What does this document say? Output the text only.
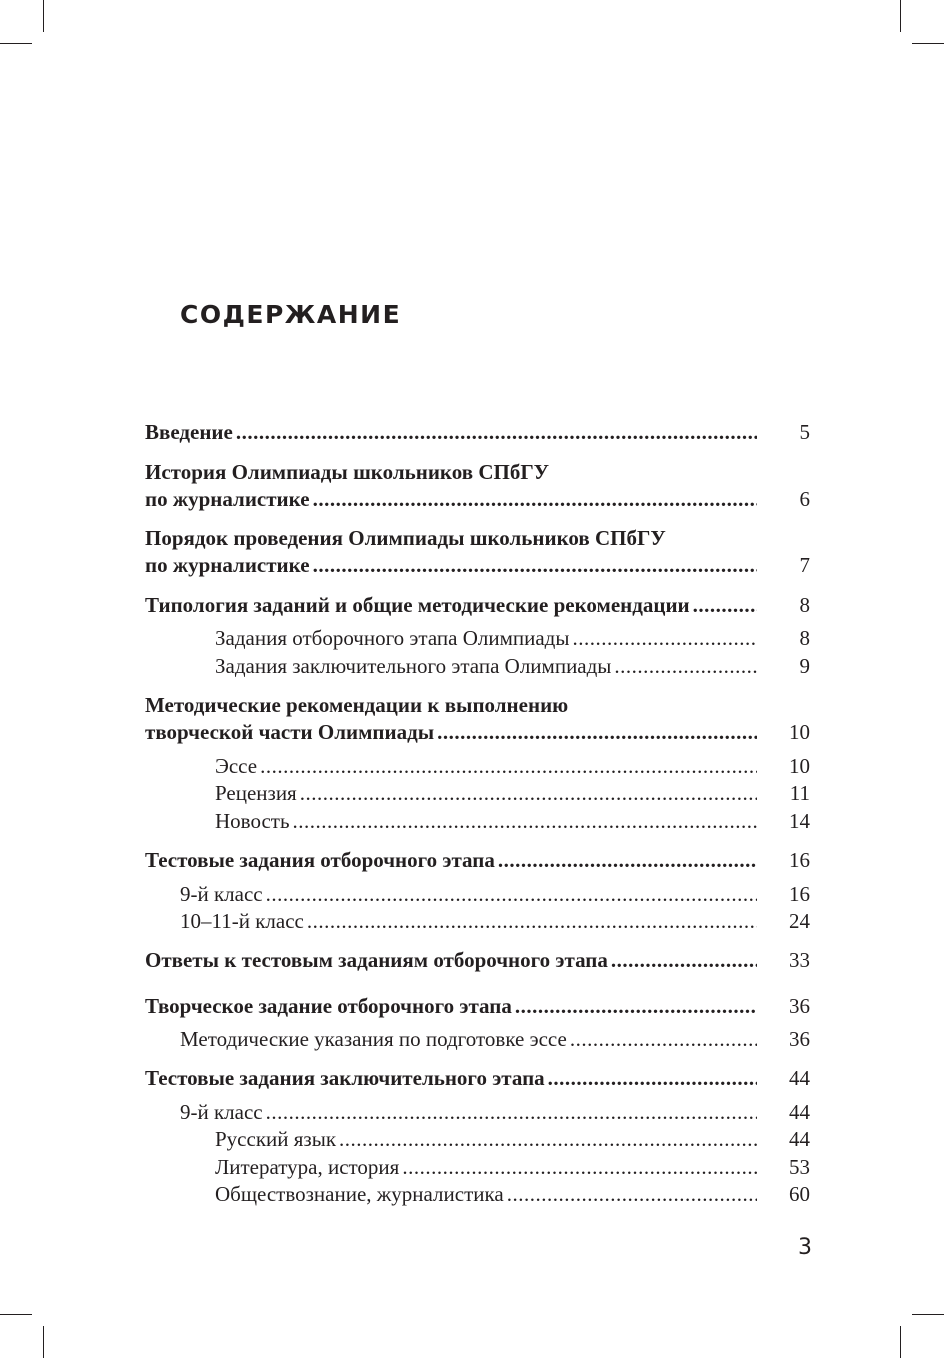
СОДЕРЖАНИЕ
Введение .....	5
История Олимпиады школьников СПбГУ
по журналистике .....	6
Порядок проведения Олимпиады школьников СПбГУ
по журналистике .....	7
Типология заданий и общие методические рекомендации .....	8
Задания отборочного этапа Олимпиады .....	8
Задания заключительного этапа Олимпиады .....	9
Методические рекомендации к выполнению
творческой части Олимпиады .....	10
Эссе .....	10
Рецензия .....	11
Новость .....	14
Тестовые задания отборочного этапа .....	16
9-й класс .....	16
10–11-й класс .....	24
Ответы к тестовым заданиям отборочного этапа .....	33
Творческое задание отборочного этапа .....	36
Методические указания по подготовке эссе .....	36
Тестовые задания заключительного этапа .....	44
9-й класс .....	44
Русский язык .....	44
Литература, история .....	53
Обществознание, журналистика .....	60
3
